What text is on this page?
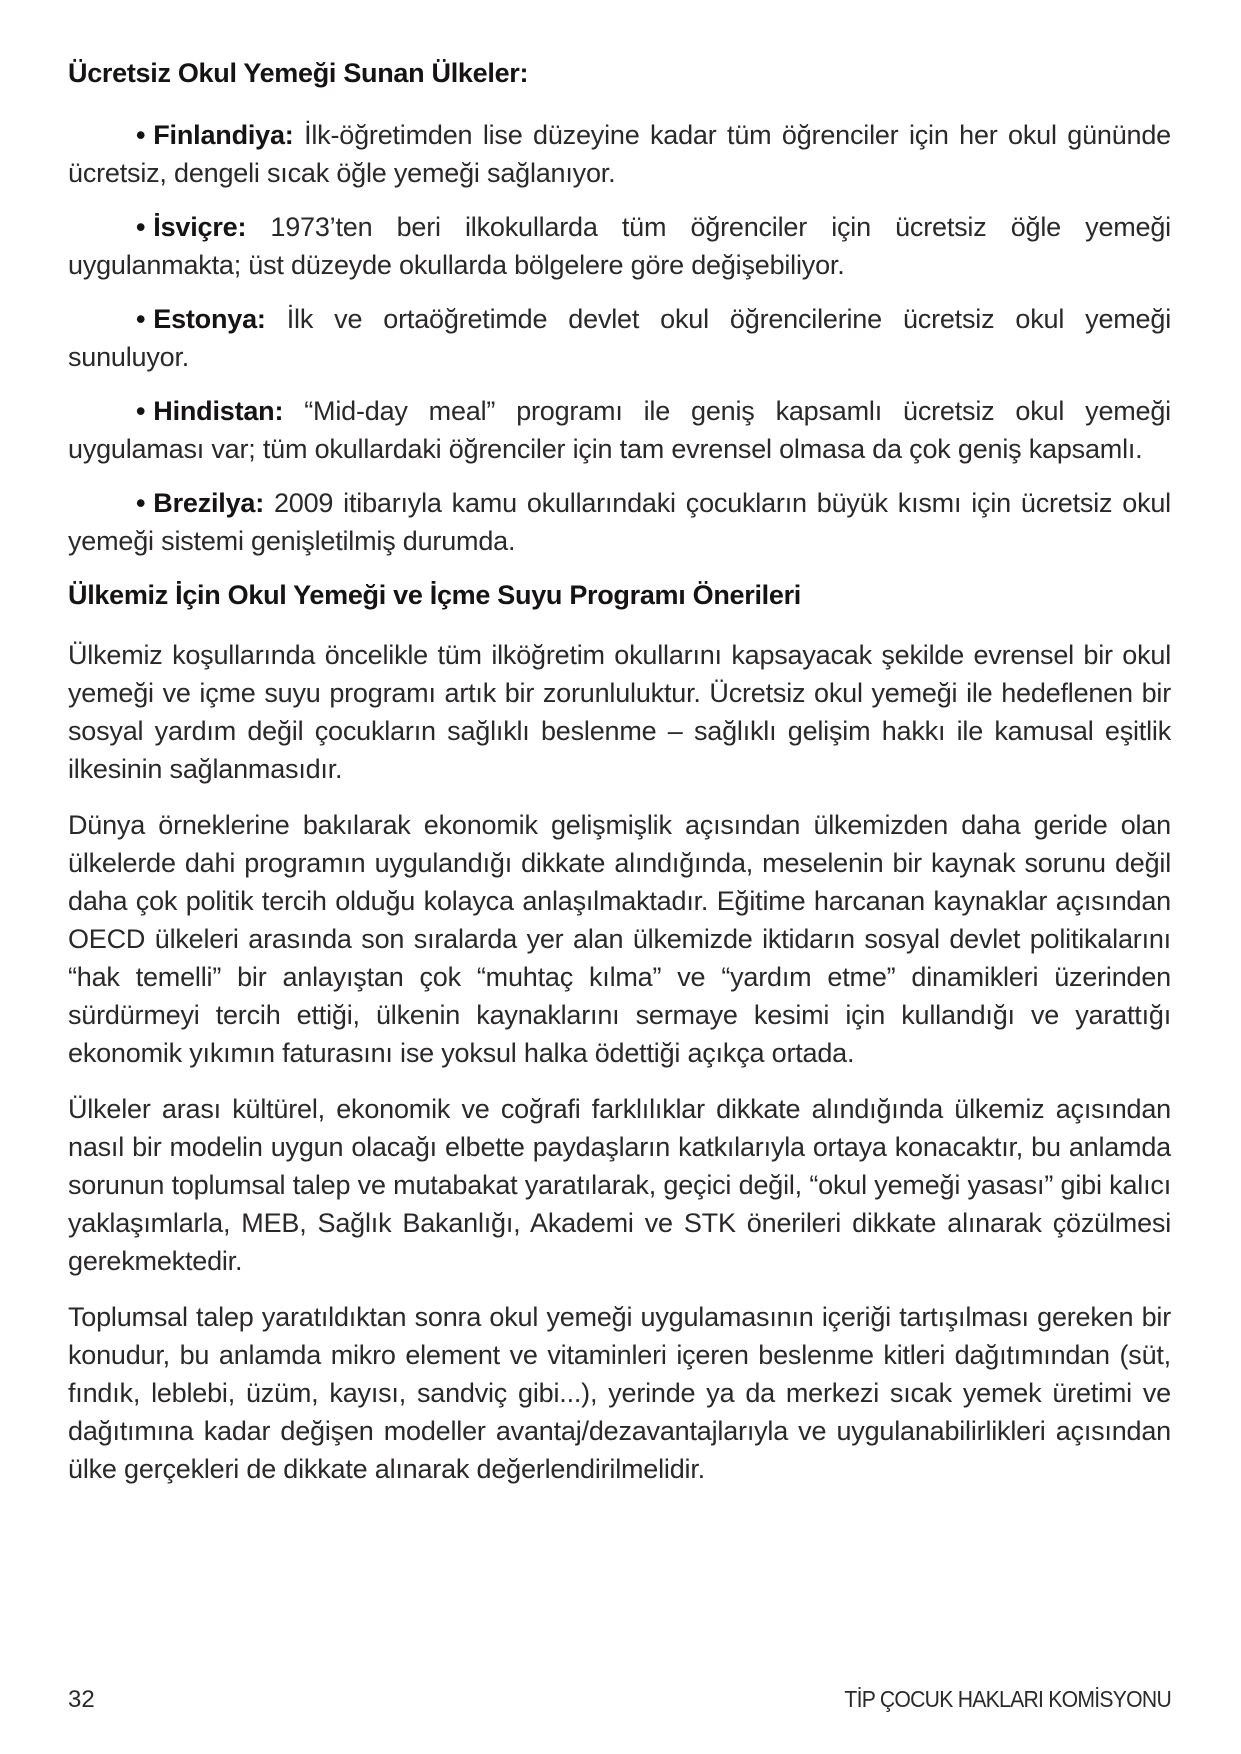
Ücretsiz Okul Yemeği Sunan Ülkeler:

• Finlandiya: İlk-öğretimden lise düzeyine kadar tüm öğrenciler için her okul gününde ücretsiz, dengeli sıcak öğle yemeği sağlanıyor.

• İsviçre: 1973’ten beri ilkokullarda tüm öğrenciler için ücretsiz öğle yemeği uygulanmakta; üst düzeyde okullarda bölgelere göre değişebiliyor.

• Estonya: İlk ve ortaöğretimde devlet okul öğrencilerine ücretsiz okul yemeği sunuluyor.

• Hindistan: “Mid-day meal” programı ile geniş kapsamlı ücretsiz okul yemeği uygulaması var; tüm okullardaki öğrenciler için tam evrensel olmasa da çok geniş kapsamlı.

• Brezilya: 2009 itibarıyla kamu okullarındaki çocukların büyük kısmı için ücretsiz okul yemeği sistemi genişletilmiş durumda.

Ülkemiz İçin Okul Yemeği ve İçme Suyu Programı Önerileri

Ülkemiz koşullarında öncelikle tüm ilköğretim okullarını kapsayacak şekilde evrensel bir okul yemeği ve içme suyu programı artık bir zorunluluktur. Ücretsiz okul yemeği ile hedeflenen bir sosyal yardım değil çocukların sağlıklı beslenme – sağlıklı gelişim hakkı ile kamusal eşitlik ilkesinin sağlanmasıdır.

Dünya örneklerine bakılarak ekonomik gelişmişlik açısından ülkemizden daha geride olan ülkelerde dahi programın uygulandığı dikkate alındığında, meselenin bir kaynak sorunu değil daha çok politik tercih olduğu kolayca anlaşılmaktadır. Eğitime harcanan kaynaklar açısından OECD ülkeleri arasında son sıralarda yer alan ülkemizde iktidarın sosyal devlet politikalarını “hak temelli” bir anlayıştan çok “muhtaç kılma” ve “yardım etme” dinamikleri üzerinden sürdürmeyi tercih ettiği, ülkenin kaynaklarını sermaye kesimi için kullandığı ve yarattığı ekonomik yıkımın faturasını ise yoksul halka ödettiği açıkça ortada.

Ülkeler arası kültürel, ekonomik ve coğrafi farklılıklar dikkate alındığında ülkemiz açısından nasıl bir modelin uygun olacağı elbette paydaşların katkılarıyla ortaya konacaktır, bu anlamda sorunun toplumsal talep ve mutabakat yaratılarak, geçici değil, “okul yemeği yasası” gibi kalıcı yaklaşımlarla, MEB, Sağlık Bakanlığı, Akademi ve STK önerileri dikkate alınarak çözülmesi gerekmektedir.

Toplumsal talep yaratıldıktan sonra okul yemeği uygulamasının içeriği tartışılması gereken bir konudur, bu anlamda mikro element ve vitaminleri içeren beslenme kitleri dağıtımından (süt, fındık, leblebi, üzüm, kayısı, sandviç gibi...), yerinde ya da merkezi sıcak yemek üretimi ve dağıtımına kadar değişen modeller avantaj/dezavantajlarıyla ve uygulanabilirlikleri açısından ülke gerçekleri de dikkate alınarak değerlendirilmelidir.

32	TİP ÇOCUK HAKLARI KOMİSYONU
